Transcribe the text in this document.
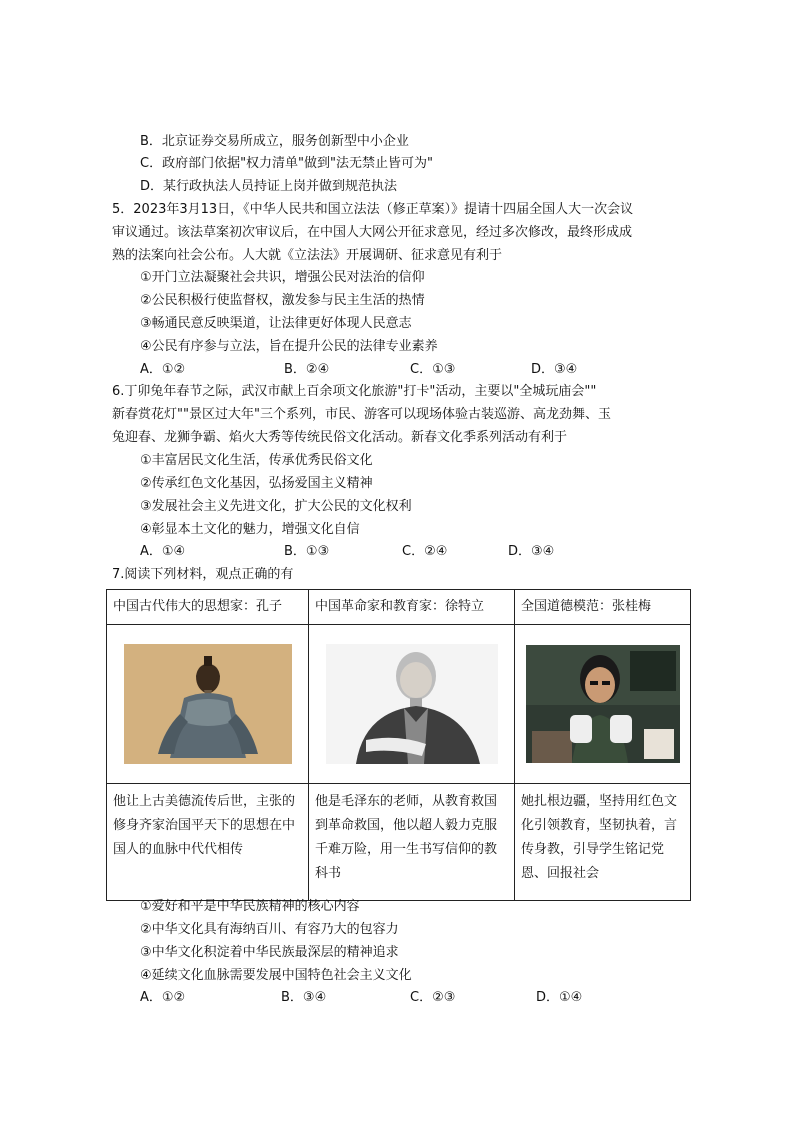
B．北京证券交易所成立，服务创新型中小企业
C．政府部门依据"权力清单"做到"法无禁止皆可为"
D．某行政执法人员持证上岗并做到规范执法
5．2023年3月13日，《中华人民共和国立法法（修正草案）》提请十四届全国人大一次会议
审议通过。该法草案初次审议后，在中国人大网公开征求意见，经过多次修改，最终形成成
熟的法案向社会公布。人大就《立法法》开展调研、征求意见有利于
①开门立法凝聚社会共识，增强公民对法治的信仰
②公民积极行使监督权，激发参与民主生活的热情
③畅通民意反映渠道，让法律更好体现人民意志
④公民有序参与立法，旨在提升公民的法律专业素养
A．①②	B．②④	C．①③	D．③④
6.丁卯兔年春节之际，武汉市献上百余项文化旅游"打卡"活动，主要以"全城玩庙会""
新春赏花灯""景区过大年"三个系列，市民、游客可以现场体验古装巡游、高龙劲舞、玉
兔迎春、龙狮争霸、焰火大秀等传统民俗文化活动。新春文化季系列活动有利于
①丰富居民文化生活，传承优秀民俗文化
②传承红色文化基因，弘扬爱国主义精神
③发展社会主义先进文化，扩大公民的文化权利
④彰显本土文化的魅力，增强文化自信
A．①④	B．①③	C．②④	D．③④
7.阅读下列材料，观点正确的有
中国古代伟大的思想家：孔子	中国革命家和教育家：徐特立	全国道德模范：张桂梅

他让上古美德流传后世，主张的修身齐家治国平天下的思想在中国人的血脉中代代相传	他是毛泽东的老师，从教育救国到革命救国，他以超人毅力克服千难万险，用一生书写信仰的教科书	她扎根边疆，坚持用红色文化引领教育，坚韧执着，言传身教，引导学生铭记党恩、回报社会
①爱好和平是中华民族精神的核心内容
②中华文化具有海纳百川、有容乃大的包容力
③中华文化积淀着中华民族最深层的精神追求
④延续文化血脉需要发展中国特色社会主义文化
A．①②	B．③④	C．②③	D．①④
